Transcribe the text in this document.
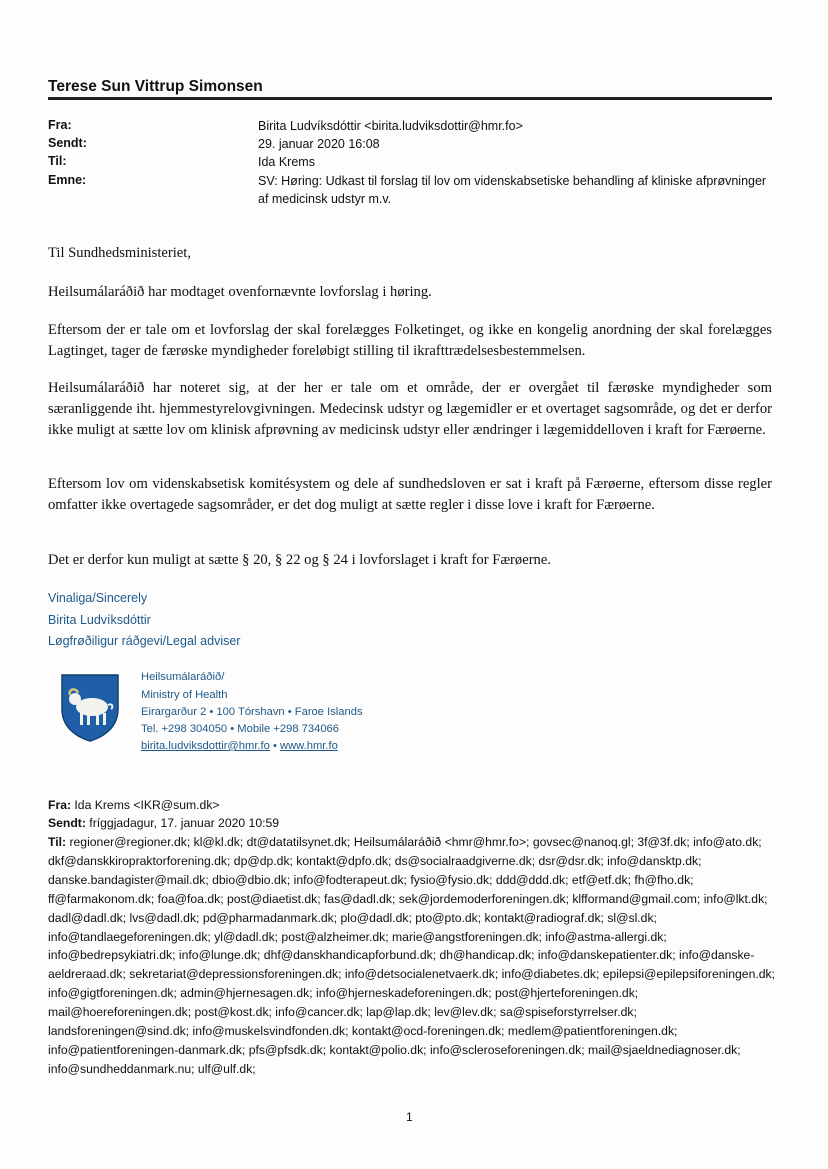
Terese Sun Vittrup Simonsen
Fra:	Birita Ludvíksdóttir <birita.ludviksdottir@hmr.fo>
Sendt:	29. januar 2020 16:08
Til:	Ida Krems
Emne:	SV: Høring: Udkast til forslag til lov om videnskabsetiske behandling af kliniske afprøvninger af medicinsk udstyr m.v.
Til Sundhedsministeriet,
Heilsumálaráðið har modtaget ovenfornævnte lovforslag i høring.
Eftersom der er tale om et lovforslag der skal forelægges Folketinget, og ikke en kongelig anordning der skal forelægges Lagtinget, tager de færøske myndigheder foreløbigt stilling til ikrafttrædelsesbestemmelsen.
Heilsumálaráðið har noteret sig, at der her er tale om et område, der er overgået til færøske myndigheder som særanliggende iht. hjemmestyrelovgivningen. Medecinsk udstyr og lægemidler er et overtaget sagsområde, og det er derfor ikke muligt at sætte lov om klinisk afprøvning av medicinsk udstyr eller ændringer i lægemiddelloven i kraft for Færøerne.
Eftersom lov om videnskabsetisk komitésystem og dele af sundhedsloven er sat i kraft på Færøerne, eftersom disse regler omfatter ikke overtagede sagsområder, er det dog muligt at sætte regler i disse love i kraft for Færøerne.
Det er derfor kun muligt at sætte § 20, § 22 og § 24 i lovforslaget i kraft for Færøerne.
Vinaliga/Sincerely
Birita Ludvíksdóttir
Løgfrøðiligur ráðgevi/Legal adviser
Heilsumálaráðið/
Ministry of Health
Eirargarður 2 • 100 Tórshavn • Faroe Islands
Tel. +298 304050 • Mobile +298 734066
birita.ludviksdottir@hmr.fo • www.hmr.fo
Fra: Ida Krems <IKR@sum.dk>
Sendt: fríggjadagur, 17. januar 2020 10:59
Til: regioner@regioner.dk; kl@kl.dk; dt@datatilsynet.dk; Heilsumálaráðið <hmr@hmr.fo>; govsec@nanoq.gl; 3f@3f.dk; info@ato.dk; dkf@danskkiropraktorforening.dk; dp@dp.dk; kontakt@dpfo.dk; ds@socialraadgiverne.dk; dsr@dsr.dk; info@dansktp.dk; danske.bandagister@mail.dk; dbio@dbio.dk; info@fodterapeut.dk; fysio@fysio.dk; ddd@ddd.dk; etf@etf.dk; fh@fho.dk; ff@farmakonom.dk; foa@foa.dk; post@diaetist.dk; fas@dadl.dk; sek@jordemoderforeningen.dk; klfformand@gmail.com; info@lkt.dk; dadl@dadl.dk; lvs@dadl.dk; pd@pharmadanmark.dk; plo@dadl.dk; pto@pto.dk; kontakt@radiograf.dk; sl@sl.dk; info@tandlaegeforeningen.dk; yl@dadl.dk; post@alzheimer.dk; marie@angstforeningen.dk; info@astma-allergi.dk; info@bedrepsykiatri.dk; info@lunge.dk; dhf@danskhandicapforbund.dk; dh@handicap.dk; info@danskepatienter.dk; info@danske-aeldreraad.dk; sekretariat@depressionsforeningen.dk; info@detsocialenetvaerk.dk; info@diabetes.dk; epilepsi@epilepsiforeningen.dk; info@gigtforeningen.dk; admin@hjernesagen.dk; info@hjerneskadeforeningen.dk; post@hjerteforeningen.dk; mail@hoereforeningen.dk; post@kost.dk; info@cancer.dk; lap@lap.dk; lev@lev.dk; sa@spiseforstyrrelser.dk; landsforeningen@sind.dk; info@muskelsvindfonden.dk; kontakt@ocd-foreningen.dk; medlem@patientforeningen.dk; info@patientforeningen-danmark.dk; pfs@pfsdk.dk; kontakt@polio.dk; info@scleroseforeningen.dk; mail@sjaeldnediagnoser.dk; info@sundheddanmark.nu; ulf@ulf.dk;
1
